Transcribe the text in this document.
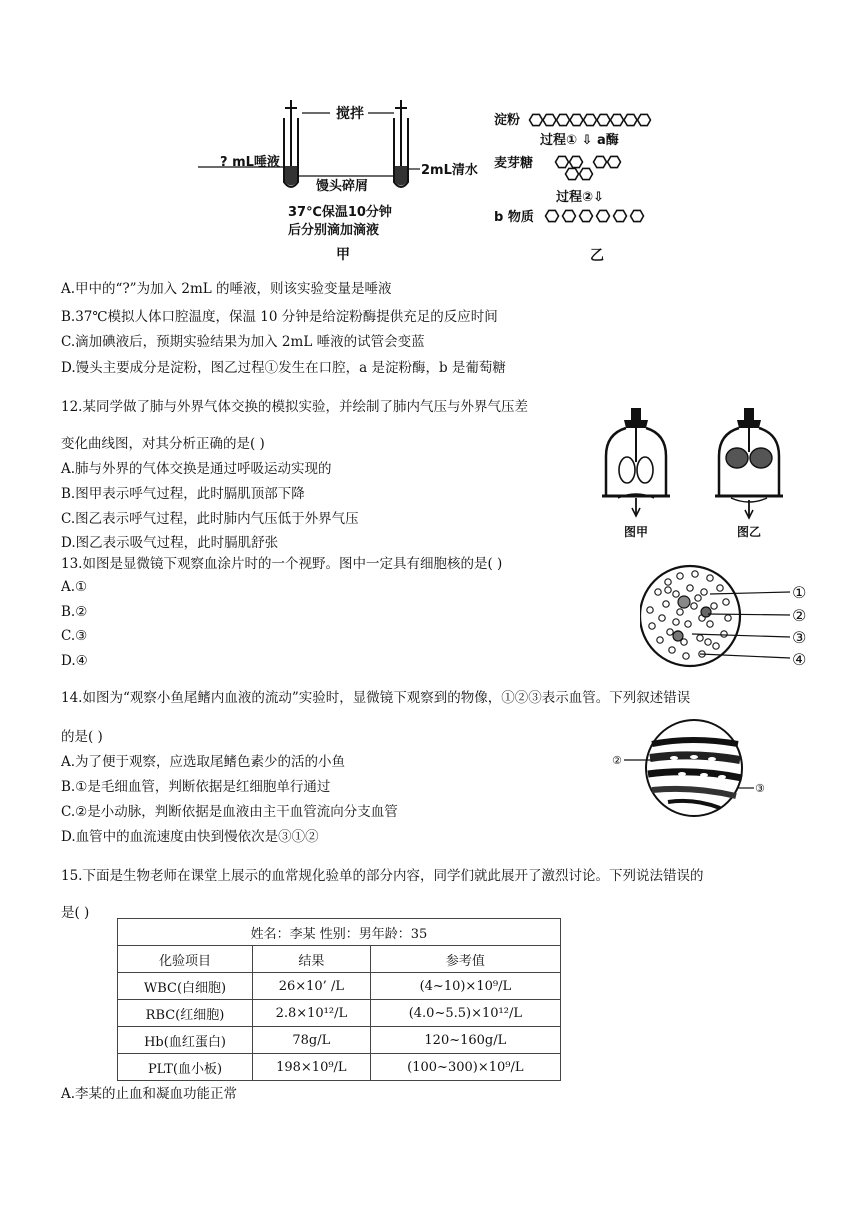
搅拌
? mL唾液
馒头碎屑
2mL清水
37℃保温10分钟
后分别滴加滴液
甲
淀粉
过程① ⇩ a酶
麦芽糖
过程②⇩
b 物质
乙
A.甲中的“?”为加入 2mL 的唾液，则该实验变量是唾液
B.37℃模拟人体口腔温度，保温 10 分钟是给淀粉酶提供充足的反应时间
C.滴加碘液后，预期实验结果为加入 2mL 唾液的试管会变蓝
D.馒头主要成分是淀粉，图乙过程①发生在口腔，a 是淀粉酶，b 是葡萄糖
12.某同学做了肺与外界气体交换的模拟实验，并绘制了肺内气压与外界气压差
变化曲线图，对其分析正确的是( )
A.肺与外界的气体交换是通过呼吸运动实现的
B.图甲表示呼气过程，此时膈肌顶部下降
C.图乙表示呼气过程，此时肺内气压低于外界气压
D.图乙表示吸气过程，此时膈肌舒张
图甲	图乙
13.如图是显微镜下观察血涂片时的一个视野。图中一定具有细胞核的是( )
A.①
B.②
C.③
D.④
①
②
③
④
14.如图为“观察小鱼尾鳍内血液的流动”实验时，显微镜下观察到的物像，①②③表示血管。下列叙述错误
的是( )
A.为了便于观察，应选取尾鳍色素少的活的小鱼
B.①是毛细血管，判断依据是红细胞单行通过
C.②是小动脉，判断依据是血液由主干血管流向分支血管
D.血管中的血流速度由快到慢依次是③①②
②
③
15.下面是生物老师在课堂上展示的血常规化验单的部分内容，同学们就此展开了激烈讨论。下列说法错误的
是( )
姓名：李某 性别：男年龄：35		
化验项目	结果	参考值
WBC(白细胞)	26×10’ /L	(4~10)×10⁹/L
RBC(红细胞)	2.8×10¹²/L	(4.0~5.5)×10¹²/L
Hb(血红蛋白)	78g/L	120~160g/L
PLT(血小板)	198×10⁹/L	(100~300)×10⁹/L
A.李某的止血和凝血功能正常
